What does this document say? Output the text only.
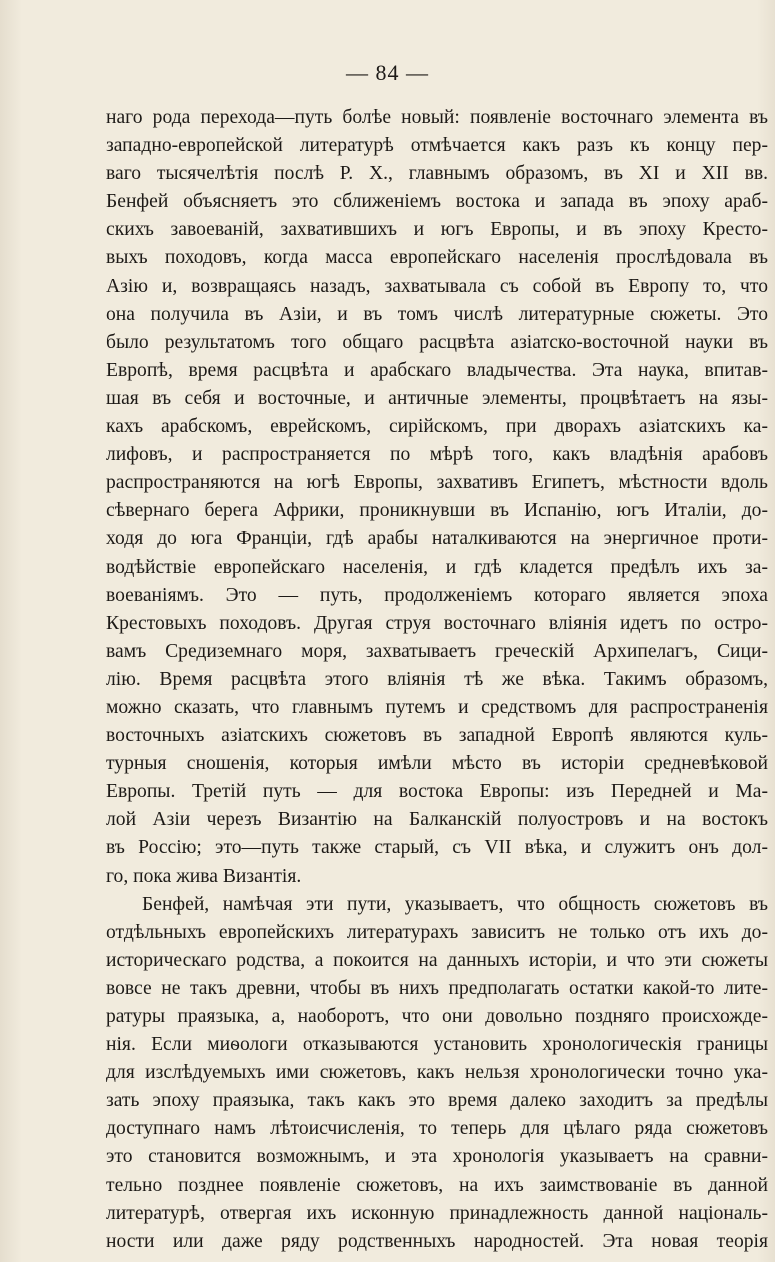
— 84 —
наго рода перехода—путь болѣе новый: появленіе восточнаго элемента въ
западно-европейской литературѣ отмѣчается какъ разъ къ концу пер-
ваго тысячелѣтія послѣ Р. X., главнымъ образомъ, въ XI и XII вв.
Бенфей объясняетъ это сближеніемъ востока и запада въ эпоху араб-
скихъ завоеваній, захватившихъ и югъ Европы, и въ эпоху Кресто-
выхъ походовъ, когда масса европейскаго населенія прослѣдовала въ
Азію и, возвращаясь назадъ, захватывала съ собой въ Европу то, что
она получила въ Азіи, и въ томъ числѣ литературные сюжеты. Это
было результатомъ того общаго расцвѣта азіатско-восточной науки въ
Европѣ, время расцвѣта и арабскаго владычества. Эта наука, впитав-
шая въ себя и восточные, и античные элементы, процвѣтаетъ на язы-
кахъ арабскомъ, еврейскомъ, сирійскомъ, при дворахъ азіатскихъ ка-
лифовъ, и распространяется по мѣрѣ того, какъ владѣнія арабовъ
распространяются на югѣ Европы, захвативъ Египетъ, мѣстности вдоль
сѣвернаго берега Африки, проникнувши въ Испанію, югъ Италіи, до-
ходя до юга Франціи, гдѣ арабы наталкиваются на энергичное проти-
водѣйствіе европейскаго населенія, и гдѣ кладется предѣлъ ихъ за-
воеваніямъ. Это — путь, продолженіемъ котораго является эпоха
Крестовыхъ походовъ. Другая струя восточнаго вліянія идетъ по остро-
вамъ Средиземнаго моря, захватываетъ греческій Архипелагъ, Сици-
лію. Время расцвѣта этого вліянія тѣ же вѣка. Такимъ образомъ,
можно сказать, что главнымъ путемъ и средствомъ для распространенія
восточныхъ азіатскихъ сюжетовъ въ западной Европѣ являются куль-
турныя сношенія, которыя имѣли мѣсто въ исторіи средневѣковой
Европы. Третій путь — для востока Европы: изъ Передней и Ма-
лой Азіи черезъ Византію на Балканскій полуостровъ и на востокъ
въ Россію; это—путь также старый, съ VII вѣка, и служитъ онъ дол-
го, пока жива Византія.
Бенфей, намѣчая эти пути, указываетъ, что общность сюжетовъ въ
отдѣльныхъ европейскихъ литературахъ зависитъ не только отъ ихъ до-
историческаго родства, а покоится на данныхъ исторіи, и что эти сюжеты
вовсе не такъ древни, чтобы въ нихъ предполагать остатки какой-то лите-
ратуры праязыка, а, наоборотъ, что они довольно поздняго происхожде-
нія. Если миѳологи отказываются установить хронологическія границы
для изслѣдуемыхъ ими сюжетовъ, какъ нельзя хронологически точно ука-
зать эпоху праязыка, такъ какъ это время далеко заходитъ за предѣлы
доступнаго намъ лѣтоисчисленія, то теперь для цѣлаго ряда сюжетовъ
это становится возможнымъ, и эта хронологія указываетъ на сравни-
тельно позднее появленіе сюжетовъ, на ихъ заимствованіе въ данной
литературѣ, отвергая ихъ исконную принадлежность данной національ-
ности или даже ряду родственныхъ народностей. Эта новая теорія
